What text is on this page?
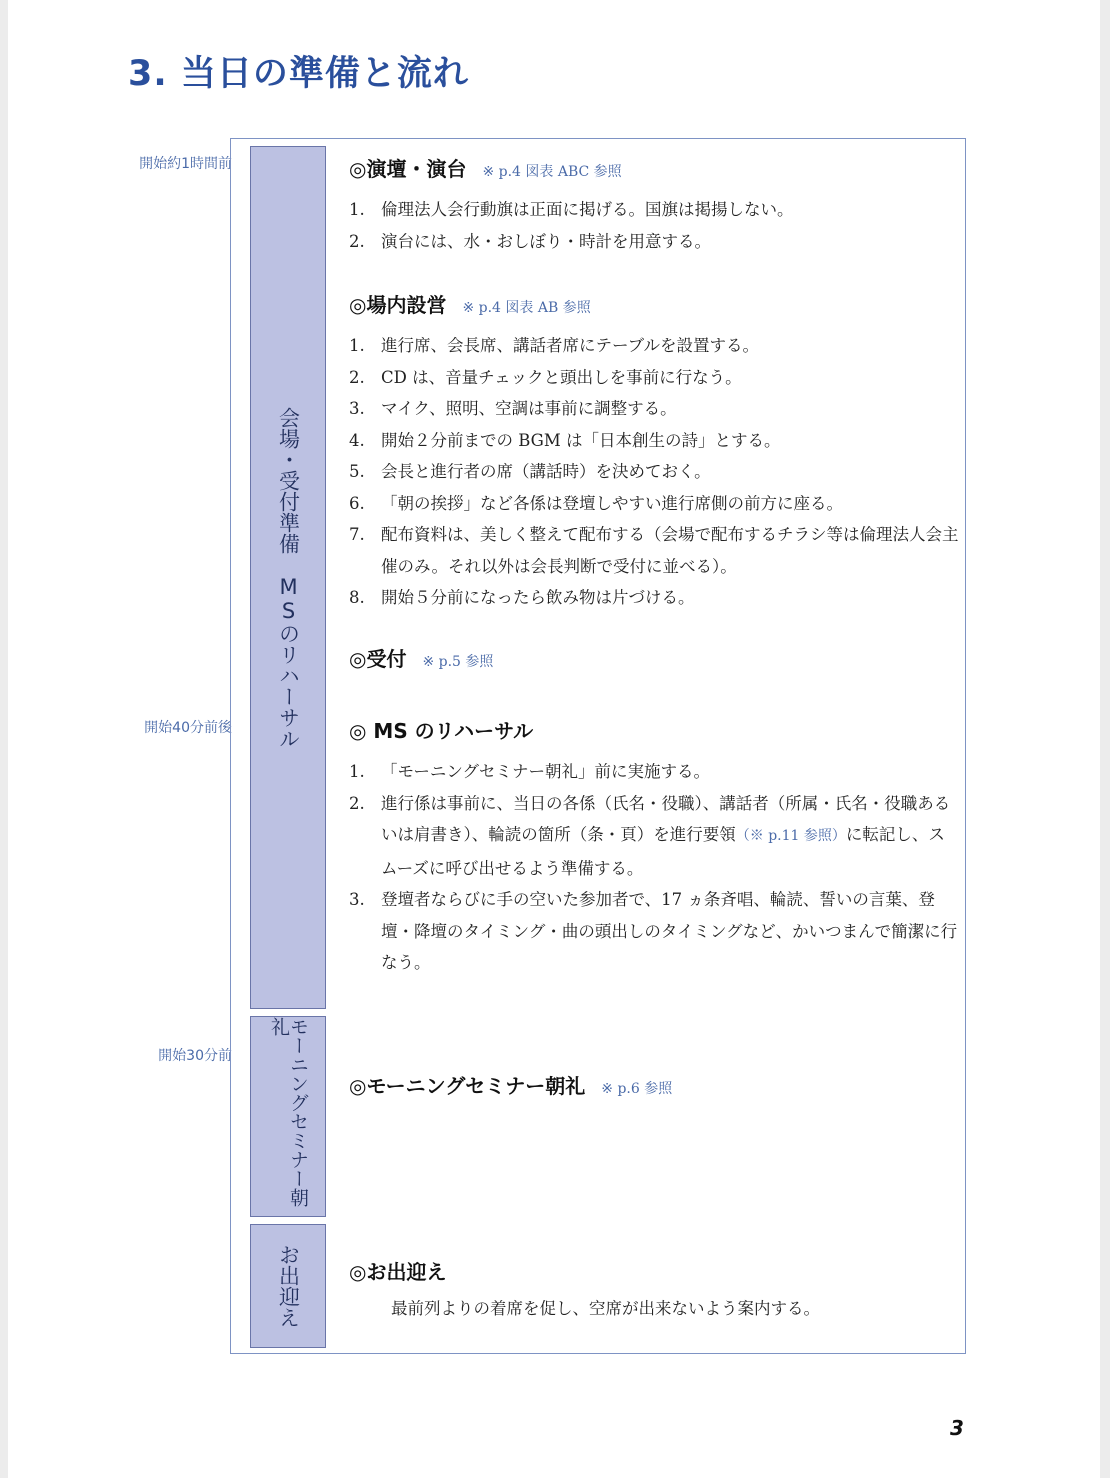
3. 当日の準備と流れ
開始約1時間前
開始40分前後
開始30分前
会場・受付準備　MSのリハーサル
モーニングセミナー朝礼
お出迎え
◎演壇・演台 ※ p.4 図表 ABC 参照
1. 倫理法人会行動旗は正面に掲げる。国旗は掲揚しない。
2. 演台には、水・おしぼり・時計を用意する。
◎場内設営 ※ p.4 図表 AB 参照
1. 進行席、会長席、講話者席にテーブルを設置する。
2. CD は、音量チェックと頭出しを事前に行なう。
3. マイク、照明、空調は事前に調整する。
4. 開始２分前までの BGM は「日本創生の詩」とする。
5. 会長と進行者の席（講話時）を決めておく。
6. 「朝の挨拶」など各係は登壇しやすい進行席側の前方に座る。
7. 配布資料は、美しく整えて配布する（会場で配布するチラシ等は倫理法人会主催のみ。それ以外は会長判断で受付に並べる）。
8. 開始５分前になったら飲み物は片づける。
◎受付 ※ p.5 参照
◎ MS のリハーサル
1. 「モーニングセミナー朝礼」前に実施する。
2. 進行係は事前に、当日の各係（氏名・役職）、講話者（所属・氏名・役職あるいは肩書き）、輪読の箇所（条・頁）を進行要領（※ p.11 参照）に転記し、スムーズに呼び出せるよう準備する。
3. 登壇者ならびに手の空いた参加者で、17 ヵ条斉唱、輪読、誓いの言葉、登壇・降壇のタイミング・曲の頭出しのタイミングなど、かいつまんで簡潔に行なう。
◎モーニングセミナー朝礼 ※ p.6 参照
◎お出迎え
最前列よりの着席を促し、空席が出来ないよう案内する。
3
